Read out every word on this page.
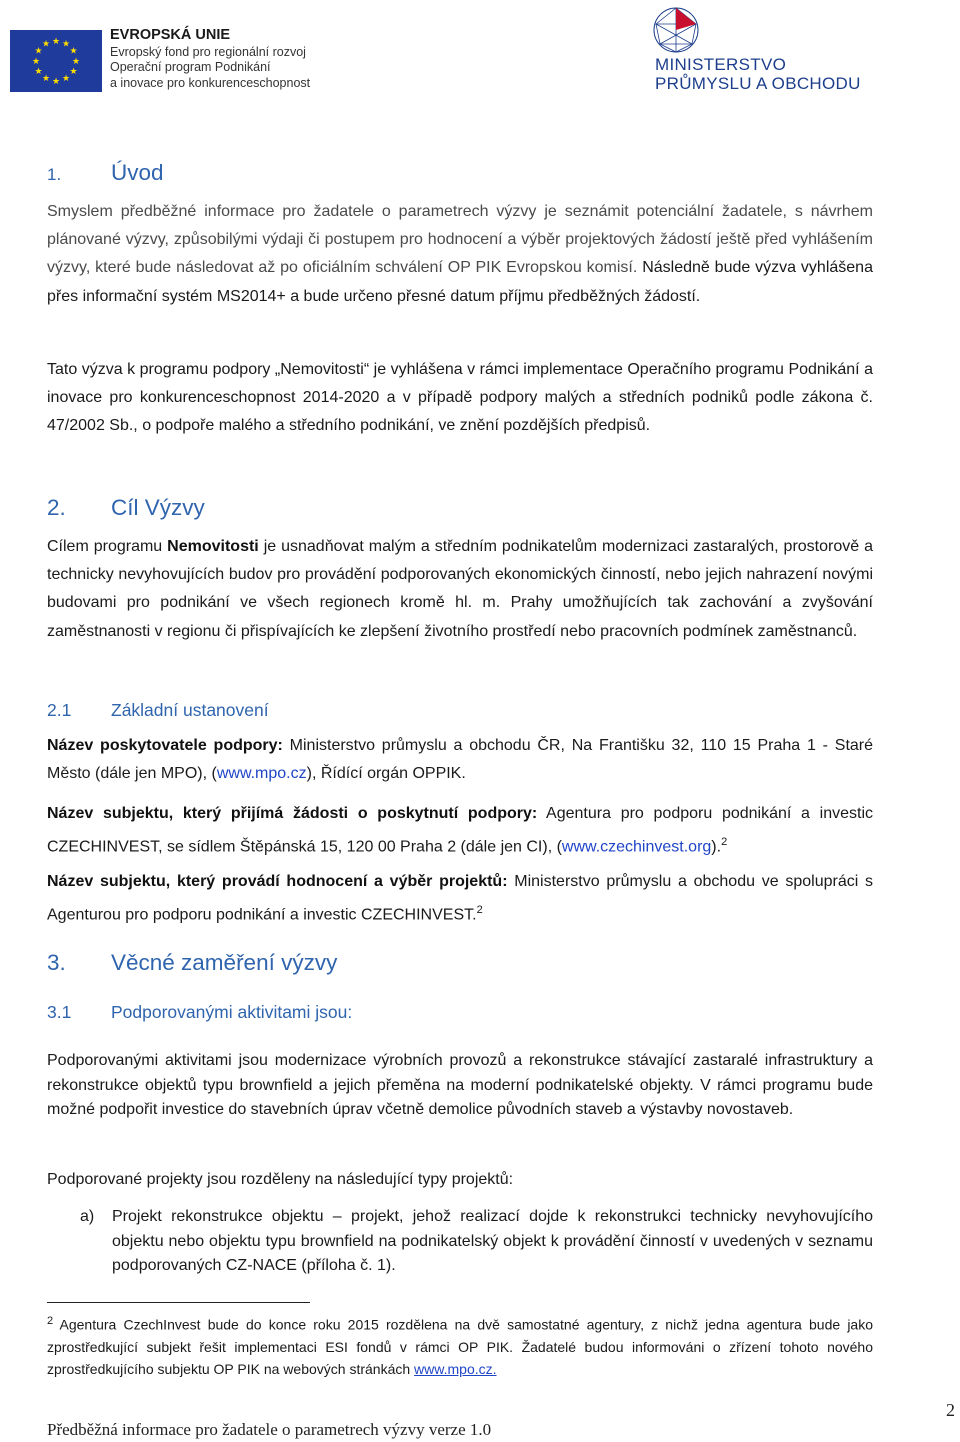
★ ★
★
★
★
★
★
★
★
★
★
★
EVROPSKÁ UNIE
Evropský fond pro regionální rozvoj
Operační program Podnikání
a inovace pro konkurenceschopnost
MINISTERSTVO
PRŮMYSLU A OBCHODU
1. Úvod
Smyslem předběžné informace pro žadatele o parametrech výzvy je seznámit potenciální žadatele, s návrhem plánované výzvy, způsobilými výdaji či postupem pro hodnocení a výběr projektových žádostí ještě před vyhlášením výzvy, které bude následovat až po oficiálním schválení OP PIK Evropskou komisí. Následně bude výzva vyhlášena přes informační systém MS2014+ a bude určeno přesné datum příjmu předběžných žádostí.
Tato výzva k programu podpory „Nemovitosti“ je vyhlášena v rámci implementace Operačního programu Podnikání a inovace pro konkurenceschopnost 2014-2020 a v případě podpory malých a středních podniků podle zákona č. 47/2002 Sb., o podpoře malého a středního podnikání, ve znění pozdějších předpisů.
2. Cíl Výzvy
Cílem programu Nemovitosti je usnadňovat malým a středním podnikatelům modernizaci zastaralých, prostorově a technicky nevyhovujících budov pro provádění podporovaných ekonomických činností, nebo jejich nahrazení novými budovami pro podnikání ve všech regionech kromě hl. m. Prahy umožňujících tak zachování a zvyšování zaměstnanosti v regionu či přispívajících ke zlepšení životního prostředí nebo pracovních podmínek zaměstnanců.
2.1 Základní ustanovení
Název poskytovatele podpory: Ministerstvo průmyslu a obchodu ČR, Na Františku 32, 110 15 Praha 1 - Staré Město (dále jen MPO), (www.mpo.cz), Řídící orgán OPPIK.
Název subjektu, který přijímá žádosti o poskytnutí podpory: Agentura pro podporu podnikání a investic CZECHINVEST, se sídlem Štěpánská 15, 120 00 Praha 2 (dále jen CI), (www.czechinvest.org).$^2$
Název subjektu, který provádí hodnocení a výběr projektů: Ministerstvo průmyslu a obchodu ve spolupráci s Agenturou pro podporu podnikání a investic CZECHINVEST.$^2$
3. Věcné zaměření výzvy
3.1 Podporovanými aktivitami jsou:
Podporovanými aktivitami jsou modernizace výrobních provozů a rekonstrukce stávající zastaralé infrastruktury a rekonstrukce objektů typu brownfield a jejich přeměna na moderní podnikatelské objekty. V rámci programu bude možné podpořit investice do stavebních úprav včetně demolice původních staveb a výstavby novostaveb.
Podporované projekty jsou rozděleny na následující typy projektů:
a) Projekt rekonstrukce objektu – projekt, jehož realizací dojde k rekonstrukci technicky nevyhovujícího objektu nebo objektu typu brownfield na podnikatelský objekt k provádění činností v uvedených v seznamu podporovaných CZ-NACE (příloha č. 1).
$^2$ Agentura CzechInvest bude do konce roku 2015 rozdělena na dvě samostatné agentury, z nichž jedna agentura bude jako zprostředkující subjekt řešit implementaci ESI fondů v rámci OP PIK. Žadatelé budou informováni o zřízení tohoto nového zprostředkujícího subjektu OP PIK na webových stránkách www.mpo.cz.
Předběžná informace pro žadatele o parametrech výzvy verze 1.0
2
